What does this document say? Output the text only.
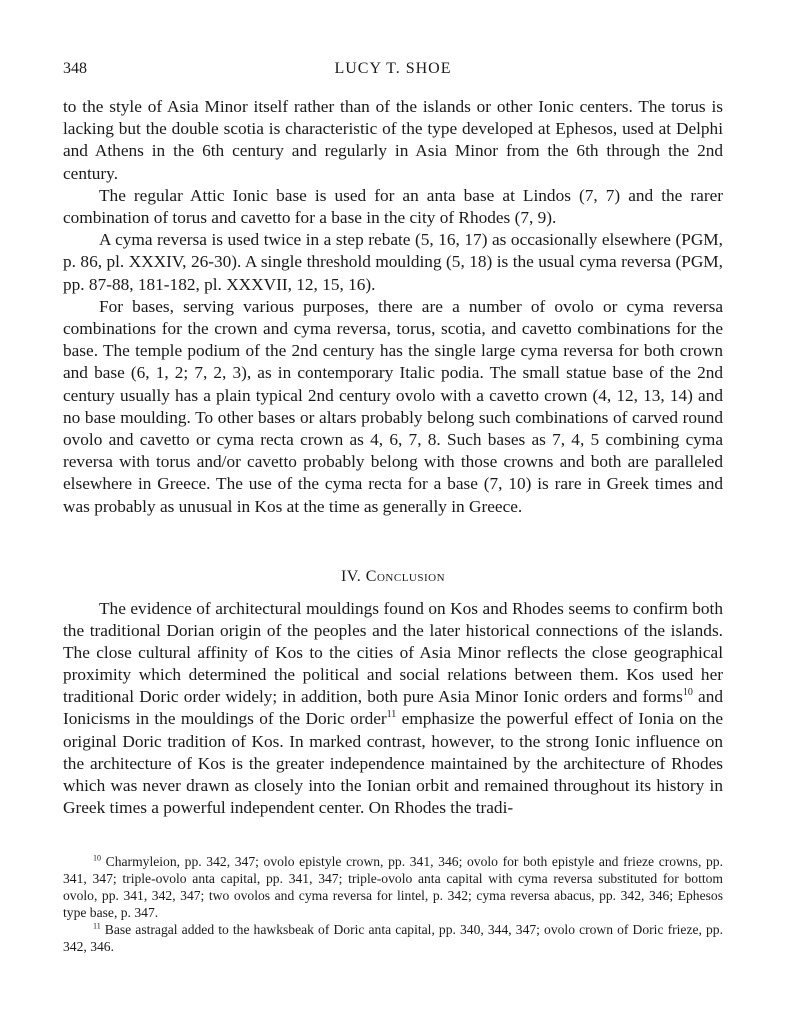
348	LUCY T. SHOE

to the style of Asia Minor itself rather than of the islands or other Ionic centers. The torus is lacking but the double scotia is characteristic of the type developed at Ephesos, used at Delphi and Athens in the 6th century and regularly in Asia Minor from the 6th through the 2nd century.

The regular Attic Ionic base is used for an anta base at Lindos (7, 7) and the rarer combination of torus and cavetto for a base in the city of Rhodes (7, 9).

A cyma reversa is used twice in a step rebate (5, 16, 17) as occasionally elsewhere (PGM, p. 86, pl. XXXIV, 26-30). A single threshold moulding (5, 18) is the usual cyma reversa (PGM, pp. 87-88, 181-182, pl. XXXVII, 12, 15, 16).

For bases, serving various purposes, there are a number of ovolo or cyma reversa combinations for the crown and cyma reversa, torus, scotia, and cavetto combinations for the base. The temple podium of the 2nd century has the single large cyma reversa for both crown and base (6, 1, 2; 7, 2, 3), as in contemporary Italic podia. The small statue base of the 2nd century usually has a plain typical 2nd century ovolo with a cavetto crown (4, 12, 13, 14) and no base moulding. To other bases or altars probably belong such combinations of carved round ovolo and cavetto or cyma recta crown as 4, 6, 7, 8. Such bases as 7, 4, 5 combining cyma reversa with torus and/or cavetto probably belong with those crowns and both are paralleled elsewhere in Greece. The use of the cyma recta for a base (7, 10) is rare in Greek times and was probably as unusual in Kos at the time as generally in Greece.

IV. Conclusion

The evidence of architectural mouldings found on Kos and Rhodes seems to confirm both the traditional Dorian origin of the peoples and the later historical connections of the islands. The close cultural affinity of Kos to the cities of Asia Minor reflects the close geographical proximity which determined the political and social relations between them. Kos used her traditional Doric order widely; in addition, both pure Asia Minor Ionic orders and forms$^{10}$ and Ionicisms in the mouldings of the Doric order$^{11}$ emphasize the powerful effect of Ionia on the original Doric tradition of Kos. In marked contrast, however, to the strong Ionic influence on the architecture of Kos is the greater independence maintained by the architecture of Rhodes which was never drawn as closely into the Ionian orbit and remained throughout its history in Greek times a powerful independent center. On Rhodes the tradi-

$^{10}$ Charmyleion, pp. 342, 347; ovolo epistyle crown, pp. 341, 346; ovolo for both epistyle and frieze crowns, pp. 341, 347; triple-ovolo anta capital, pp. 341, 347; triple-ovolo anta capital with cyma reversa substituted for bottom ovolo, pp. 341, 342, 347; two ovolos and cyma reversa for lintel, p. 342; cyma reversa abacus, pp. 342, 346; Ephesos type base, p. 347.

$^{11}$ Base astragal added to the hawksbeak of Doric anta capital, pp. 340, 344, 347; ovolo crown of Doric frieze, pp. 342, 346.
